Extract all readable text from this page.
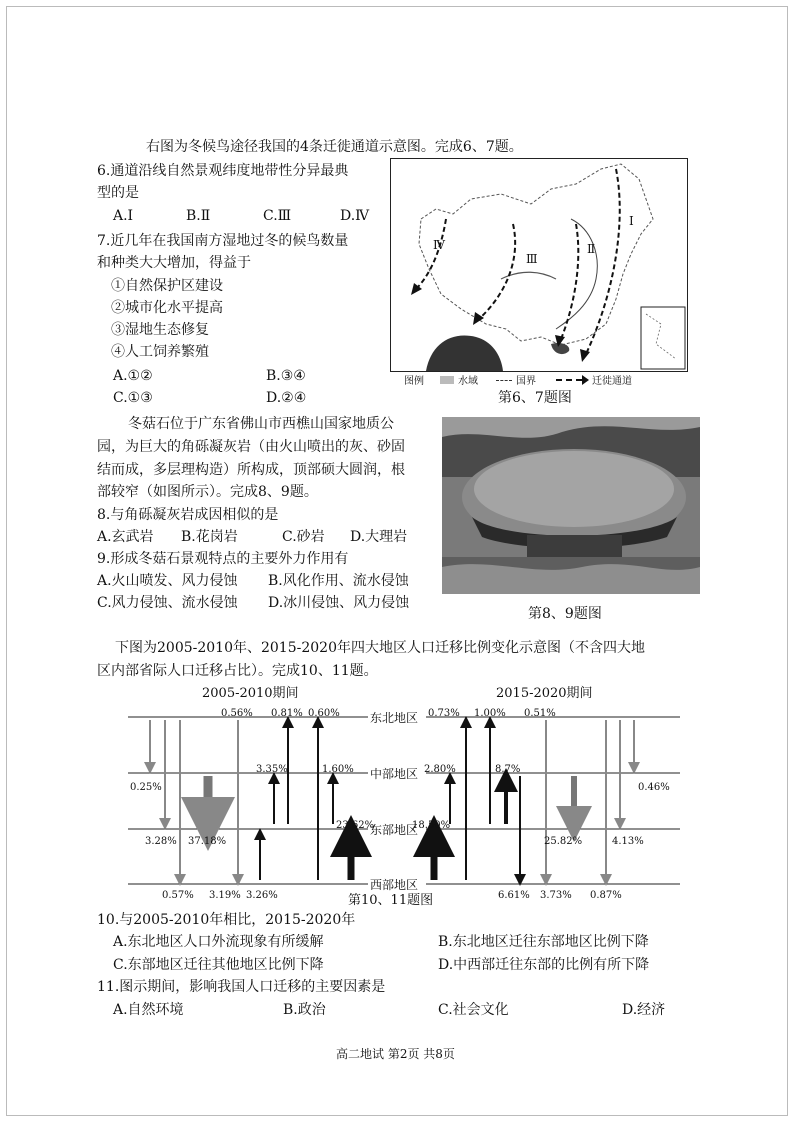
右图为冬候鸟途径我国的4条迁徙通道示意图。完成6、7题。
6.通道沿线自然景观纬度地带性分异最典
型的是
A.Ⅰ	B.Ⅱ	C.Ⅲ	D.Ⅳ
7.近几年在我国南方湿地过冬的候鸟数量
和种类大大增加，得益于
①自然保护区建设
②城市化水平提高
③湿地生态修复
④人工饲养繁殖
A.①②	B.③④
C.①③	D.②④
Ⅳ
Ⅲ
Ⅱ
Ⅰ
图例	水域	国界	迁徙通道
第6、7题图
冬菇石位于广东省佛山市西樵山国家地质公
园，为巨大的角砾凝灰岩（由火山喷出的灰、砂固
结而成，多层理构造）所构成，顶部硕大圆润，根
部较窄（如图所示）。完成8、9题。
8.与角砾凝灰岩成因相似的是
A.玄武岩 B.花岗岩	C.砂岩 D.大理岩
9.形成冬菇石景观特点的主要外力作用有
A.火山喷发、风力侵蚀 B.风化作用、流水侵蚀
C.风力侵蚀、流水侵蚀 D.冰川侵蚀、风力侵蚀
第8、9题图
下图为2005-2010年、2015-2020年四大地区人口迁移比例变化示意图（不含四大地
区内部省际人口迁移占比）。完成10、11题。
2005-2010期间	2015-2020期间
东北地区
中部地区
东部地区
西部地区
0.56% 0.81% 0.60%
3.35%	1.60%
0.25%
3.28% 37.18%
23.62%
0.57% 3.19% 3.26%
0.73% 1.00% 0.51%
2.80%	8.7%
0.46%
18.50%
25.82%	4.13%
6.61% 3.73% 0.87%
第10、11题图
10.与2005-2010年相比，2015-2020年
A.东北地区人口外流现象有所缓解	B.东北地区迁往东部地区比例下降
C.东部地区迁往其他地区比例下降	D.中西部迁往东部的比例有所下降
11.图示期间，影响我国人口迁移的主要因素是
A.自然环境	B.政治	C.社会文化	D.经济
高二地试 第2页 共8页
